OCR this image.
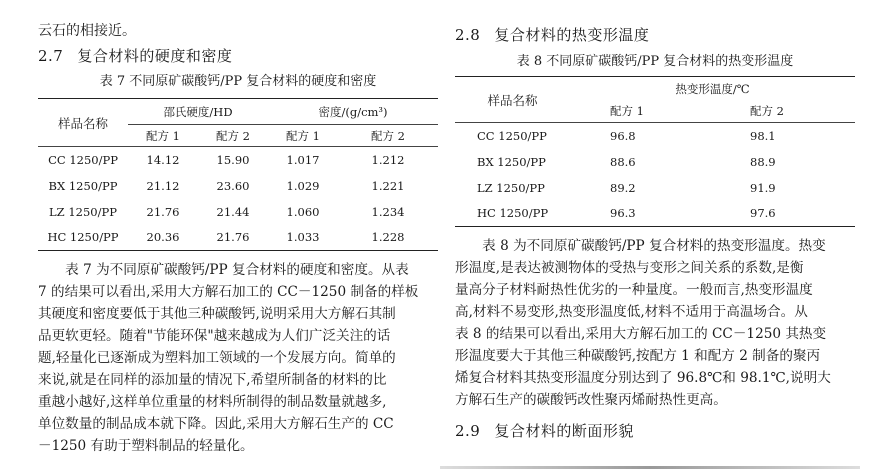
云石的相接近。
2.7 复合材料的硬度和密度
表 7 不同原矿碳酸钙/PP 复合材料的硬度和密度
样品名称	邵氏硬度/HD		密度/(g/cm³)	
	配方 1	配方 2	配方 1	配方 2
CC 1250/PP	14.12	15.90	1.017	1.212
BX 1250/PP	21.12	23.60	1.029	1.221
LZ 1250/PP	21.76	21.44	1.060	1.234
HC 1250/PP	20.36	21.76	1.033	1.228
　　表 7 为不同原矿碳酸钙/PP 复合材料的硬度和密度。从表
7 的结果可以看出,采用大方解石加工的 CC－1250 制备的样板
其硬度和密度要低于其他三种碳酸钙,说明采用大方解石其制
品更软更轻。随着"节能环保"越来越成为人们广泛关注的话
题,轻量化已逐渐成为塑料加工领域的一个发展方向。简单的
来说,就是在同样的添加量的情况下,希望所制备的材料的比
重越小越好,这样单位重量的材料所制得的制品数量就越多,
单位数量的制品成本就下降。因此,采用大方解石生产的 CC
－1250 有助于塑料制品的轻量化。
2.8 复合材料的热变形温度
表 8 不同原矿碳酸钙/PP 复合材料的热变形温度
样品名称	热变形温度/℃	
	配方 1	配方 2
CC 1250/PP	96.8	98.1
BX 1250/PP	88.6	88.9
LZ 1250/PP	89.2	91.9
HC 1250/PP	96.3	97.6
　　表 8 为不同原矿碳酸钙/PP 复合材料的热变形温度。热变
形温度,是表达被测物体的受热与变形之间关系的系数,是衡
量高分子材料耐热性优劣的一种量度。一般而言,热变形温度
高,材料不易变形,热变形温度低,材料不适用于高温场合。从
表 8 的结果可以看出,采用大方解石加工的 CC－1250 其热变
形温度要大于其他三种碳酸钙,按配方 1 和配方 2 制备的聚丙
烯复合材料其热变形温度分别达到了 96.8℃和 98.1℃,说明大
方解石生产的碳酸钙改性聚丙烯耐热性更高。
2.9 复合材料的断面形貌
